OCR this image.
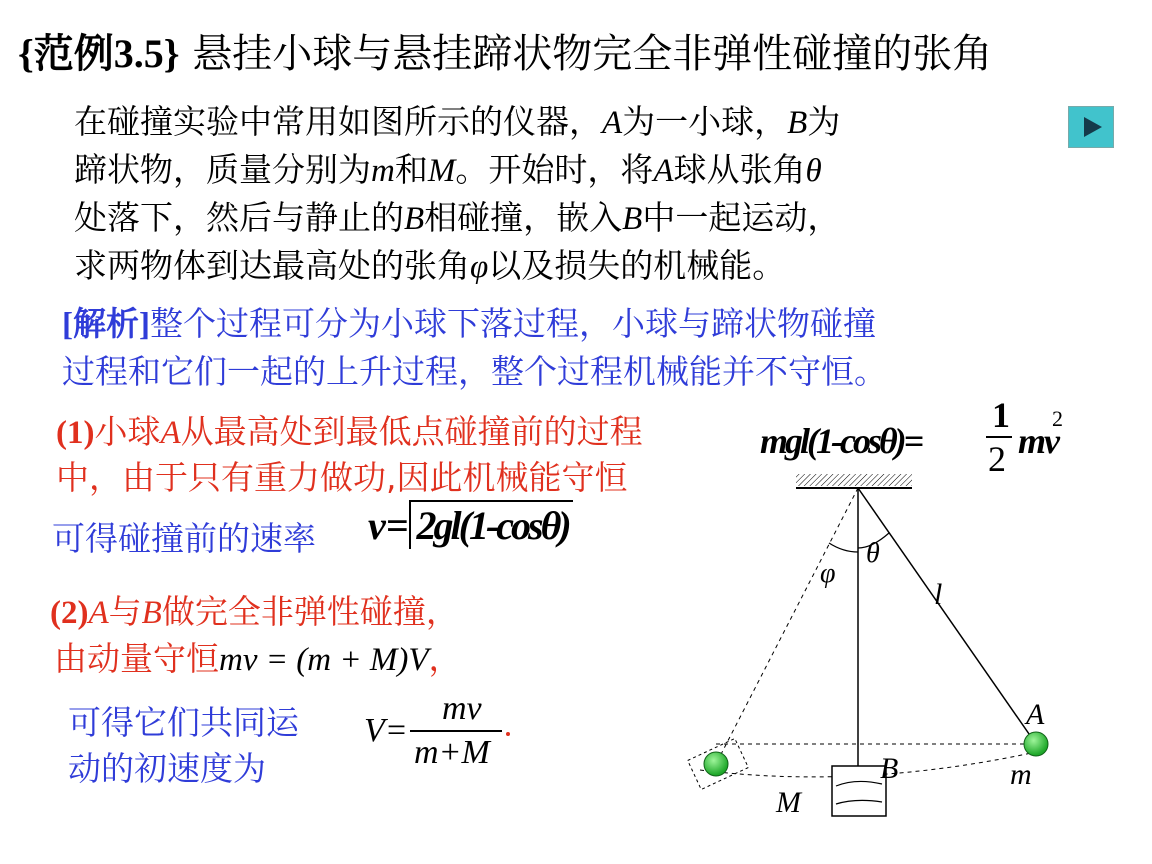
{范例3.5} 悬挂小球与悬挂蹄状物完全非弹性碰撞的张角
在碰撞实验中常用如图所示的仪器，A为一小球，B为
蹄状物，质量分别为m和M。开始时，将A球从张角θ
处落下，然后与静止的B相碰撞，嵌入B中一起运动，
求两物体到达最高处的张角φ以及损失的机械能。
[解析]整个过程可分为小球下落过程，小球与蹄状物碰撞
过程和它们一起的上升过程，整个过程机械能并不守恒。
(1)小球A从最高处到最低点碰撞前的过程
中，由于只有重力做功,因此机械能守恒
mgl(1-cosθ)=
1
2 mv
2
可得碰撞前的速率 v= 2gl(1-cosθ)
(2)A与B做完全非弹性碰撞，
由动量守恒mv = (m + M)V，
可得它们共同运
动的初速度为
V=
mv
m+M
θ
φ
l
A
B	m
M
